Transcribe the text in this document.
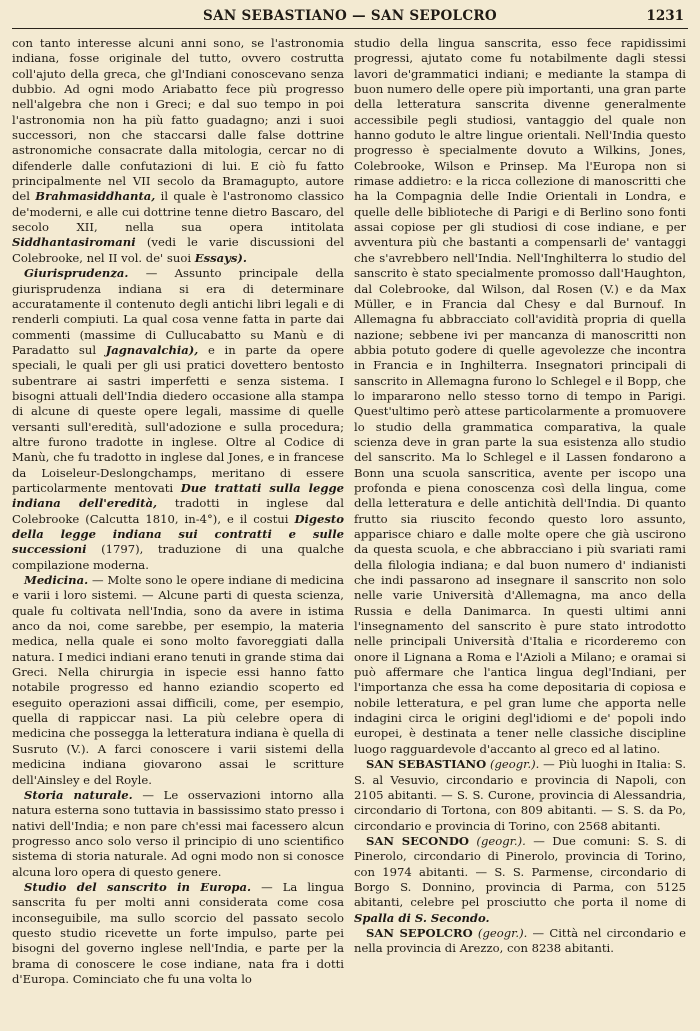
SAN SEBASTIANO — SAN SEPOLCRO	1231

con tanto interesse alcuni anni sono, se l'astronomia indiana, fosse originale del tutto, ovvero costrutta coll'ajuto della greca, che gl'Indiani conoscevano senza dubbio. Ad ogni modo Ariabatto fece più progresso nell'algebra che non i Greci; e dal suo tempo in poi l'astronomia non ha più fatto guadagno; anzi i suoi successori, non che staccarsi dalle false dottrine astronomiche consacrate dalla mitologia, cercar no di difenderle dalle confutazioni di lui. E ciò fu fatto principalmente nel VII secolo da Bramaguptо, autore del Brahmasiddhanta, il quale è l'astronomo classico de'moderni, e alle cui dottrine tenne dietro Bascaro, del secolo XII, nella sua opera intitolata Siddhantasiromani (vedi le varie discussioni del Colebrooke, nel II vol. de' suoi Essays).

Giurisprudenza. — Assunto principale della giurisprudenza indiana si era di determinare accuratamente il contenuto degli antichi libri legali e di renderli compiuti. La qual cosa venne fatta in parte dai commenti (massime di Cullucabatto su Manù e di Paradatto sul Jagnavalchia), e in parte da opere speciali, le quali per gli usi pratici dovettero bentosto subentrare ai sastri imperfetti e senza sistema. I bisogni attuali dell'India diedero occasione alla stampa di alcune di queste opere legali, massime di quelle versanti sull'eredità, sull'adozione e sulla procedura; altre furono tradotte in inglese. Oltre al Codice di Manù, che fu tradotto in inglese dal Jones, e in francese da Loiseleur-Deslongchamps, meritano di essere particolarmente mentovati Due trattati sulla legge indiana dell'eredità, tradotti in inglese dal Colebrooke (Calcutta 1810, in-4°), e il costui Digesto della legge indiana sui contratti e sulle successioni (1797), traduzione di una qualche compilazione moderna.

Medicina. — Molte sono le opere indiane di medicina e varii i loro sistemi. — Alcune parti di questa scienza, quale fu coltivata nell'India, sono da avere in istima anco da noi, come sarebbe, per esempio, la materia medica, nella quale ei sono molto favoreggiati dalla natura. I medici indiani erano tenuti in grande stima dai Greci. Nella chirurgia in ispecie essi hanno fatto notabile progresso ed hanno eziandio scoperto ed eseguito operazioni assai difficili, come, per esempio, quella di rappiccar nasi. La più celebre opera di medicina che possegga la letteratura indiana è quella di Susruto (V.). A farci conoscere i varii sistemi della medicina indiana giovarono assai le scritture dell'Ainsley e del Royle.

Storia naturale. — Le osservazioni intorno alla natura esterna sono tuttavia in bassissimo stato presso i nativi dell'India; e non pare ch'essi mai facessero alcun progresso anco solo verso il principio di uno scientifico sistema di storia naturale. Ad ogni modo non si conosce alcuna loro opera di questo genere.

Studio del sanscrito in Europa. — La lingua sanscrita fu per molti anni considerata come cosa inconseguibile, ma sullo scorcio del passato secolo questo studio ricevette un forte impulso, parte pei bisogni del governo inglese nell'India, e parte per la brama di conoscere le cose indiane, nata fra i dotti d'Europa. Cominciato che fu una volta lo

studio della lingua sanscrita, esso fece rapidissimi progressi, ajutato come fu notabilmente dagli stessi lavori de'grammatici indiani; e mediante la stampa di buon numero delle opere più importanti, una gran parte della letteratura sanscrita divenne generalmente accessibile pegli studiosi, vantaggio del quale non hanno goduto le altre lingue orientali. Nell'India questo progresso è specialmente dovuto a Wilkins, Jones, Colebrooke, Wilson e Prinsep. Ma l'Europa non si rimase addietro: e la ricca collezione di manoscritti che ha la Compagnia delle Indie Orientali in Londra, e quelle delle biblioteche di Parigi e di Berlino sono fonti assai copiose per gli studiosi di cose indiane, e per avventura più che bastanti a compensarli de' vantaggi che s'avrebbero nell'India. Nell'Inghilterra lo studio del sanscrito è stato specialmente promosso dall'Haughton, dal Colebrooke, dal Wilson, dal Rosen (V.) e da Max Müller, e in Francia dal Chesy e dal Burnouf. In Allemagna fu abbracciato coll'avidità propria di quella nazione; sebbene ivi per mancanza di manoscritti non abbia potuto godere di quelle agevolezze che incontra in Francia e in Inghilterra. Insegnatori principali di sanscrito in Allemagna furono lo Schlegel e il Bopp, che lo impararono nello stesso torno di tempo in Parigi. Quest'ultimo però attese particolarmente a promuovere lo studio della grammatica comparativa, la quale scienza deve in gran parte la sua esistenza allo studio del sanscrito. Ma lo Schlegel e il Lassen fondarono a Bonn una scuola sanscritica, avente per iscopo una profonda e piena conoscenza così della lingua, come della letteratura e delle antichità dell'India. Di quanto frutto sia riuscito fecondo questo loro assunto, apparisce chiaro e dalle molte opere che già uscirono da questa scuola, e che abbracciano i più svariati rami della filologia indiana; e dal buon numero d' indianisti che indi passarono ad insegnare il sanscrito non solo nelle varie Università d'Allemagna, ma anco della Russia e della Danimarca. In questi ultimi anni l'insegnamento del sanscrito è pure stato introdotto nelle principali Università d'Italia e ricorderemo con onore il Lignana a Roma e l'Azioli a Milano; e oramai si può affermare che l'antica lingua degl'Indiani, per l'importanza che essa ha come depositaria di copiosa e nobile letteratura, e pel gran lume che apporta nelle indagini circa le origini degl'idiomi e de' popoli indo europei, è destinata a tener nelle classiche discipline luogo ragguardevole d'accanto al greco ed al latino.

SAN SEBASTIANO (geogr.). — Più luoghi in Italia: S. S. al Vesuvio, circondario e provincia di Napoli, con 2105 abitanti. — S. S. Curone, provincia di Alessandria, circondario di Tortona, con 809 abitanti. — S. S. da Po, circondario e provincia di Torino, con 2568 abitanti.

SAN SECONDO (geogr.). — Due comuni: S. S. di Pinerolo, circondario di Pinerolo, provincia di Torino, con 1974 abitanti. — S. S. Parmense, circondario di Borgo S. Donnino, provincia di Parma, con 5125 abitanti, celebre pel prosciutto che porta il nome di Spalla di S. Secondo.

SAN SEPOLCRO (geogr.). — Città nel circondario e nella provincia di Arezzo, con 8238 abitanti.
